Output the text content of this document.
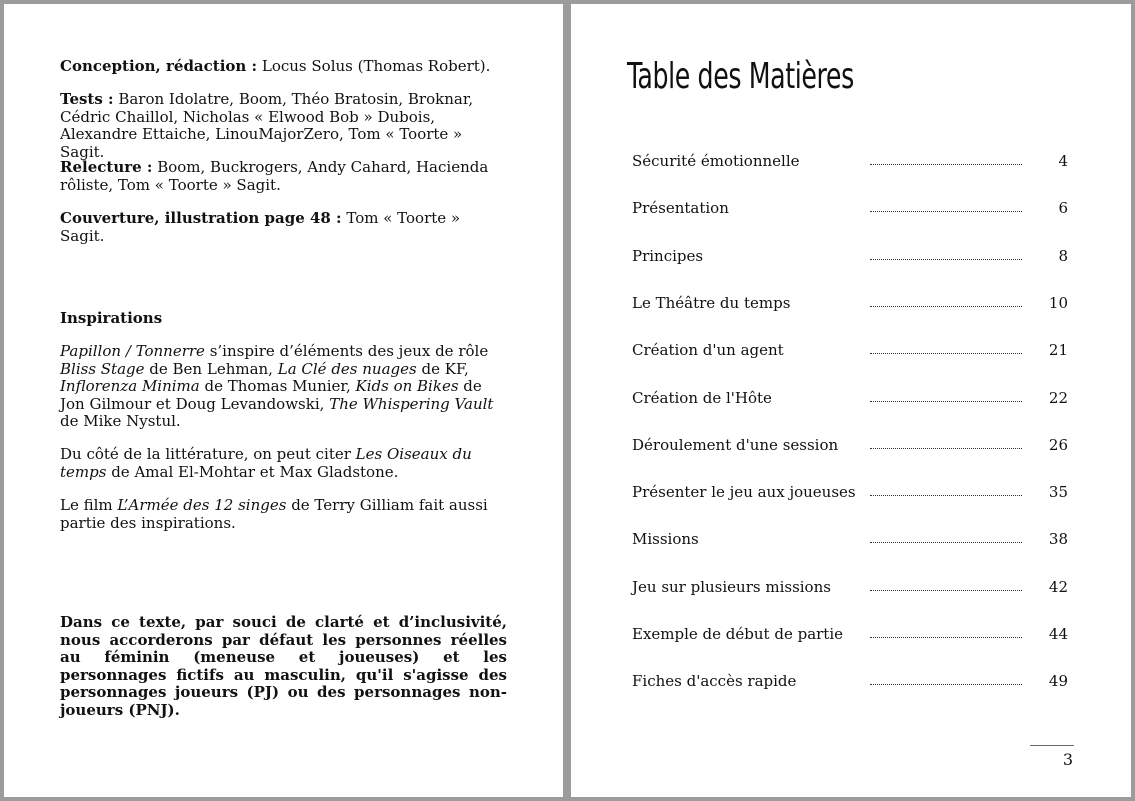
Conception, rédaction : Locus Solus (Thomas Robert).

Tests : Baron Idolatre, Boom, Théo Bratosin, Broknar, Cédric Chaillol, Nicholas « Elwood Bob » Dubois, Alexandre Ettaiche, LinouMajorZero, Tom « Toorte » Sagit.

Relecture : Boom, Buckrogers, Andy Cahard, Hacienda rôliste, Tom « Toorte » Sagit.

Couverture, illustration page 48 : Tom « Toorte » Sagit.

Inspirations

Papillon / Tonnerre s’inspire d’éléments des jeux de rôle Bliss Stage de Ben Lehman, La Clé des nuages de KF, Inflorenza Minima de Thomas Munier, Kids on Bikes de Jon Gilmour et Doug Levandowski, The Whispering Vault de Mike Nystul.

Du côté de la littérature, on peut citer Les Oiseaux du temps de Amal El-Mohtar et Max Gladstone.

Le film L’Armée des 12 singes de Terry Gilliam fait aussi partie des inspirations.

Dans ce texte, par souci de clarté et d’inclusivité, nous accorderons par défaut les personnes réelles au féminin (meneuse et joueuses) et les personnages fictifs au masculin, qu'il s'agisse des personnages joueurs (PJ) ou des personnages non-joueurs (PNJ).

Table des Matières
Sécurité émotionnelle	4
Présentation	6
Principes	8
Le Théâtre du temps	10
Création d'un agent	21
Création de l'Hôte	22
Déroulement d'une session	26
Présenter le jeu aux joueuses	35
Missions	38
Jeu sur plusieurs missions	42
Exemple de début de partie	44
Fiches d'accès rapide	49
3
